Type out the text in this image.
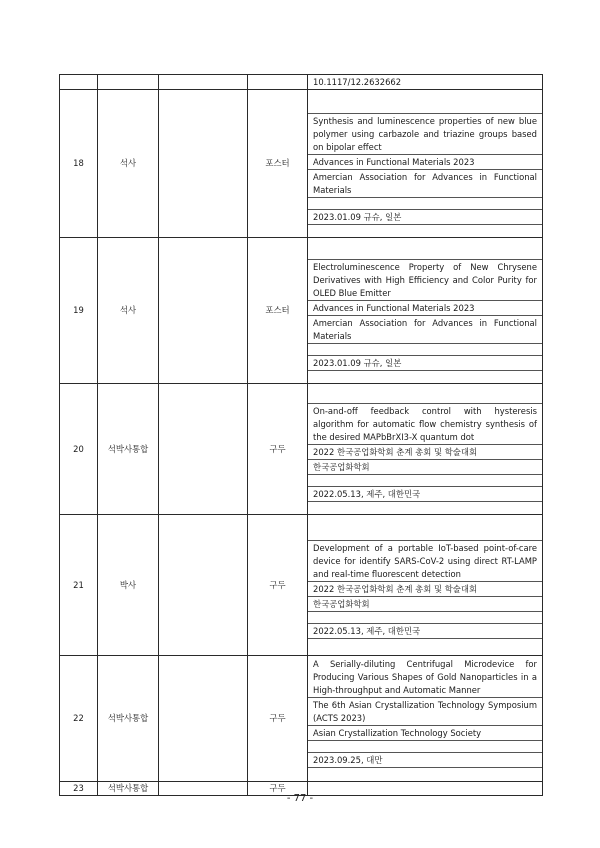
					10.1117/12.2632662

18	석사		포스터		Synthesis and luminescence properties of new blue polymer using carbazole and triazine groups based on bipolar effect
Advances in Functional Materials 2023
Amercian Association for Advances in Functional Materials
2023.01.09 규슈, 일본

19	석사		포스터		Electroluminescence Property of New Chrysene Derivatives with High Efficiency and Color Purity for OLED Blue Emitter
Advances in Functional Materials 2023
Amercian Association for Advances in Functional Materials
2023.01.09 규슈, 일본

20	석박사통합		구두		On-and-off feedback control with hysteresis algorithm for automatic flow chemistry synthesis of the desired MAPbBrXI3-X quantum dot
2022 한국공업화학회 춘계 총회 및 학술대회
한국공업화학회
2022.05.13, 제주, 대한민국

21	박사		구두		Development of a portable IoT-based point-of-care device for identify SARS-CoV-2 using direct RT-LAMP and real-time fluorescent detection
2022 한국공업화학회 춘계 총회 및 학술대회
한국공업화학회
2022.05.13, 제주, 대한민국

22	석박사통합		구두		A Serially-diluting Centrifugal Microdevice for Producing Various Shapes of Gold Nanoparticles in a High-throughput and Automatic Manner
The 6th Asian Crystallization Technology Symposium (ACTS 2023)
Asian Crystallization Technology Society
2023.09.25, 대만

23	석박사통합		구두		
- 77 -
